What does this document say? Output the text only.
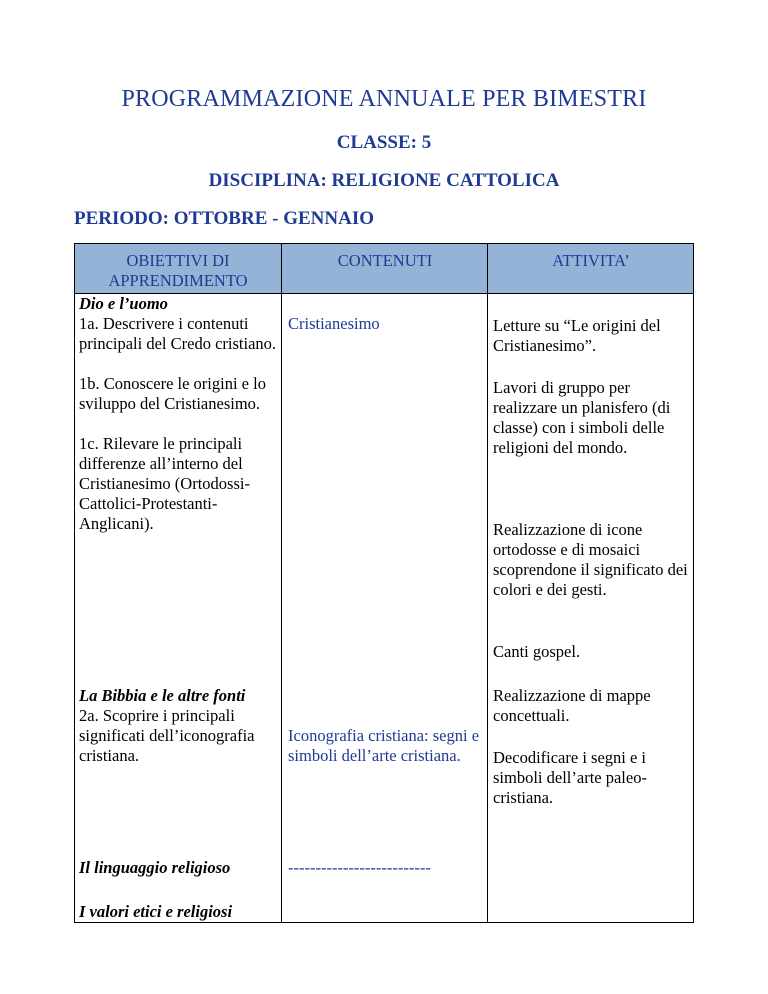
PROGRAMMAZIONE ANNUALE PER BIMESTRI
CLASSE: 5
DISCIPLINA: RELIGIONE CATTOLICA
PERIODO: OTTOBRE - GENNAIO
OBIETTIVI DI APPRENDIMENTO
CONTENUTI	ATTIVITA’

Dio e l’uomo

1a. Descrivere i contenuti principali del Credo cristiano.

1b. Conoscere le origini e lo sviluppo del Cristianesimo.

1c. Rilevare le principali differenze all’interno del Cristianesimo (Ortodossi-Cattolici-Protestanti-Anglicani).

La Bibbia e le altre fonti

2a. Scoprire i principali significati dell’iconografia cristiana.

Il linguaggio religioso
I valori etici e religiosi
Cristianesimo
Iconografia cristiana: segni e simboli dell’arte cristiana.
--------------------------
Letture su “Le origini del Cristianesimo”.
Lavori di gruppo per realizzare un planisfero (di classe) con i simboli delle religioni del mondo.
Realizzazione di icone ortodosse e di mosaici scoprendone il significato dei colori e dei gesti.
Canti gospel.
Realizzazione di mappe concettuali.
Decodificare i segni e i simboli dell’arte paleo-cristiana.
